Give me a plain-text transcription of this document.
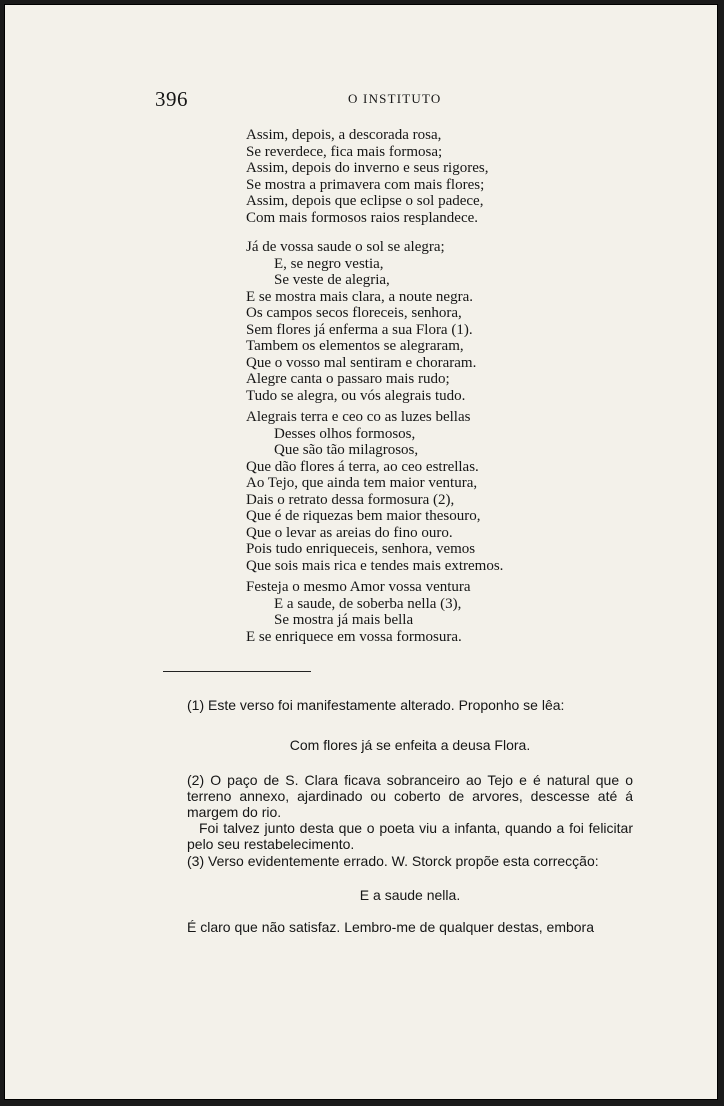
396	O INSTITUTO
Assim, depois, a descorada rosa,
Se reverdece, fica mais formosa;
Assim, depois do inverno e seus rigores,
Se mostra a primavera com mais flores;
Assim, depois que eclipse o sol padece,
Com mais formosos raios resplandece.
Já de vossa saude o sol se alegra;
E, se negro vestia,
Se veste de alegria,
E se mostra mais clara, a noute negra.
Os campos secos floreceis, senhora,
Sem flores já enferma a sua Flora (1).
Tambem os elementos se alegraram,
Que o vosso mal sentiram e choraram.
Alegre canta o passaro mais rudo;
Tudo se alegra, ou vós alegrais tudo.
Alegrais terra e ceo co as luzes bellas
Desses olhos formosos,
Que são tão milagrosos,
Que dão flores á terra, ao ceo estrellas.
Ao Tejo, que ainda tem maior ventura,
Dais o retrato dessa formosura (2),
Que é de riquezas bem maior thesouro,
Que o levar as areias do fino ouro.
Pois tudo enriqueceis, senhora, vemos
Que sois mais rica e tendes mais extremos.
Festeja o mesmo Amor vossa ventura
E a saude, de soberba nella (3),
Se mostra já mais bella
E se enriquece em vossa formosura.
(1) Este verso foi manifestamente alterado. Proponho se lêa:
Com flores já se enfeita a deusa Flora.

(2) O paço de S. Clara ficava sobranceiro ao Tejo e é natural que o terreno annexo, ajardinado ou coberto de arvores, descesse até á margem do rio.

Foi talvez junto desta que o poeta viu a infanta, quando a foi felicitar pelo seu restabelecimento.

(3) Verso evidentemente errado. W. Storck propõe esta correcção:
E a saude nella.
É claro que não satisfaz. Lembro-me de qualquer destas, embora
